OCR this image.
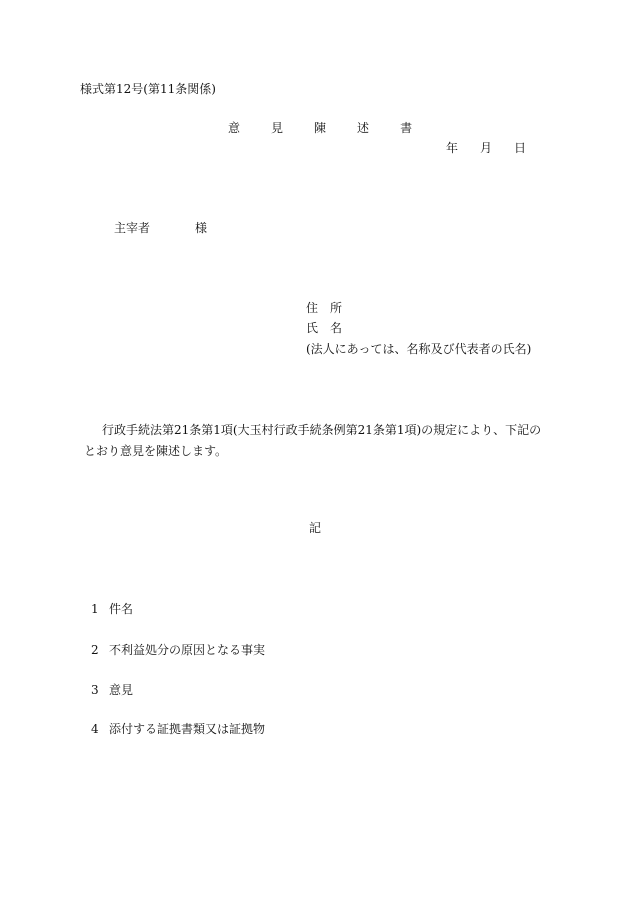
様式第12号(第11条関係)
意	見	陳	述	書
年 月 日
主宰者	様
住 所
氏 名
(法人にあっては、名称及び代表者の氏名)
行政手続法第21条第1項(大玉村行政手続条例第21条第1項)の規定により、下記のとおり意見を陳述します。
記
1 件名
2 不利益処分の原因となる事実
3 意見
4 添付する証拠書類又は証拠物
